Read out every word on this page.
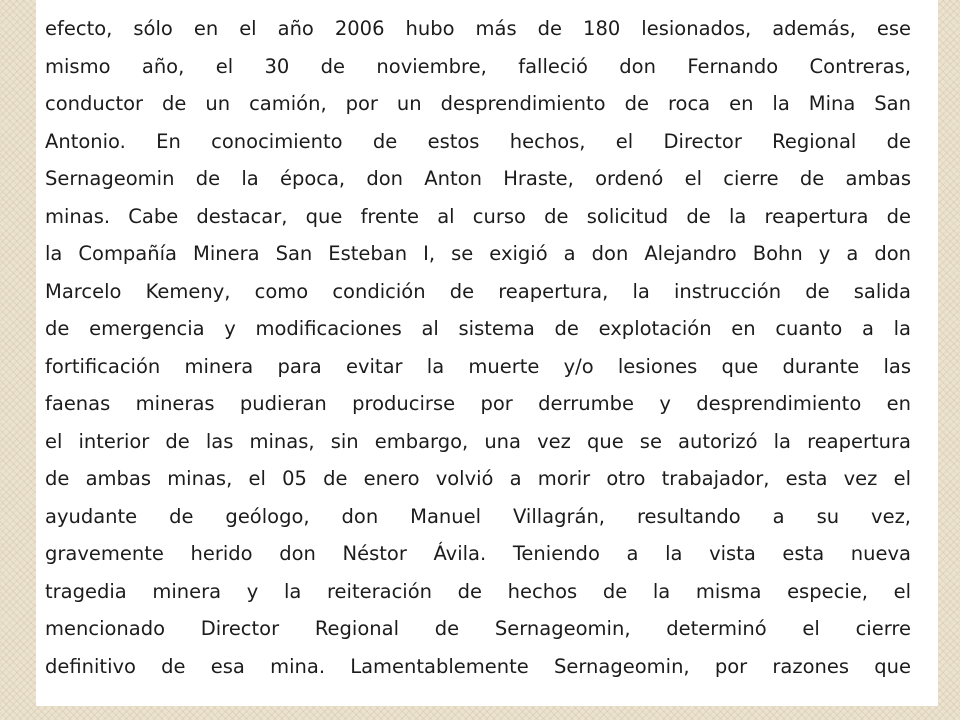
efecto, sólo en el año 2006 hubo más de 180 lesionados, además, ese
mismo año, el 30 de noviembre, falleció don Fernando Contreras,
conductor de un camión, por un desprendimiento de roca en la Mina San
Antonio. En conocimiento de estos hechos, el Director Regional de
Sernageomin de la época, don Anton Hraste, ordenó el cierre de ambas
minas. Cabe destacar, que frente al curso de solicitud de la reapertura de
la Compañía Minera San Esteban I, se exigió a don Alejandro Bohn y a don
Marcelo Kemeny, como condición de reapertura, la instrucción de salida
de emergencia y modificaciones al sistema de explotación en cuanto a la
fortificación minera para evitar la muerte y/o lesiones que durante las
faenas mineras pudieran producirse por derrumbe y desprendimiento en
el interior de las minas, sin embargo, una vez que se autorizó la reapertura
de ambas minas, el 05 de enero volvió a morir otro trabajador, esta vez el
ayudante de geólogo, don Manuel Villagrán, resultando a su vez,
gravemente herido don Néstor Ávila. Teniendo a la vista esta nueva
tragedia minera y la reiteración de hechos de la misma especie, el
mencionado Director Regional de Sernageomin, determinó el cierre
definitivo de esa mina. Lamentablemente Sernageomin, por razones que
